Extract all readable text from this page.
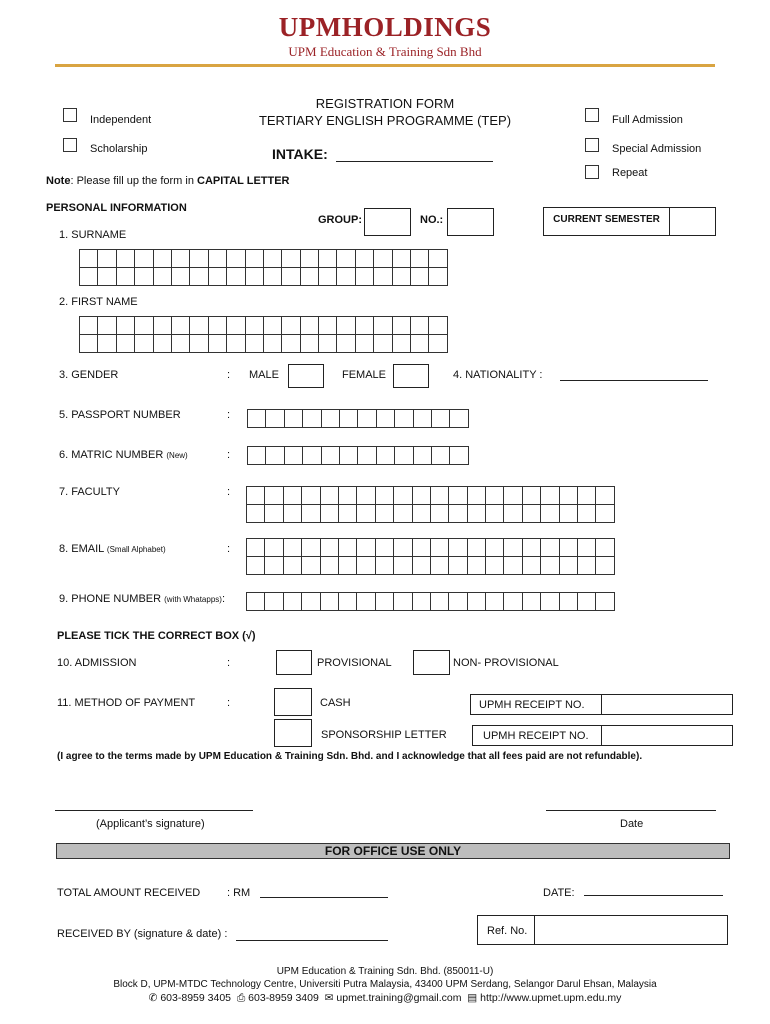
UPMHOLDINGS
UPM Education & Training Sdn Bhd
REGISTRATION FORM
TERTIARY ENGLISH PROGRAMME (TEP)
INTAKE:
Independent
Scholarship
Full Admission
Special Admission
Repeat
Note: Please fill up the form in CAPITAL LETTER
PERSONAL INFORMATION
GROUP:	NO.:	CURRENT SEMESTER
1. SURNAME

2. FIRST NAME

3. GENDER	: MALE	FEMALE	4. NATIONALITY :
5. PASSPORT NUMBER	:

6. MATRIC NUMBER (New)	:

7. FACULTY	:

8. EMAIL (Small Alphabet)	:

9. PHONE NUMBER (with Whatapps):

PLEASE TICK THE CORRECT BOX (√)
10. ADMISSION	:	PROVISIONAL	NON- PROVISIONAL
11. METHOD OF PAYMENT	:	CASH	UPMH RECEIPT NO.
SPONSORSHIP LETTER	UPMH RECEIPT NO.
(I agree to the terms made by UPM Education & Training Sdn. Bhd. and I acknowledge that all fees paid are not refundable).
(Applicant’s signature)	Date
FOR OFFICE USE ONLY
TOTAL AMOUNT RECEIVED : RM	DATE:
RECEIVED BY (signature & date) :	Ref. No.
UPM Education & Training Sdn. Bhd. (850011-U)
Block D, UPM-MTDC Technology Centre, Universiti Putra Malaysia, 43400 UPM Serdang, Selangor Darul Ehsan, Malaysia
✆ 603-8959 3405 ⎙ 603-8959 3409 ✉ upmet.training@gmail.com ▤ http://www.upmet.upm.edu.my
